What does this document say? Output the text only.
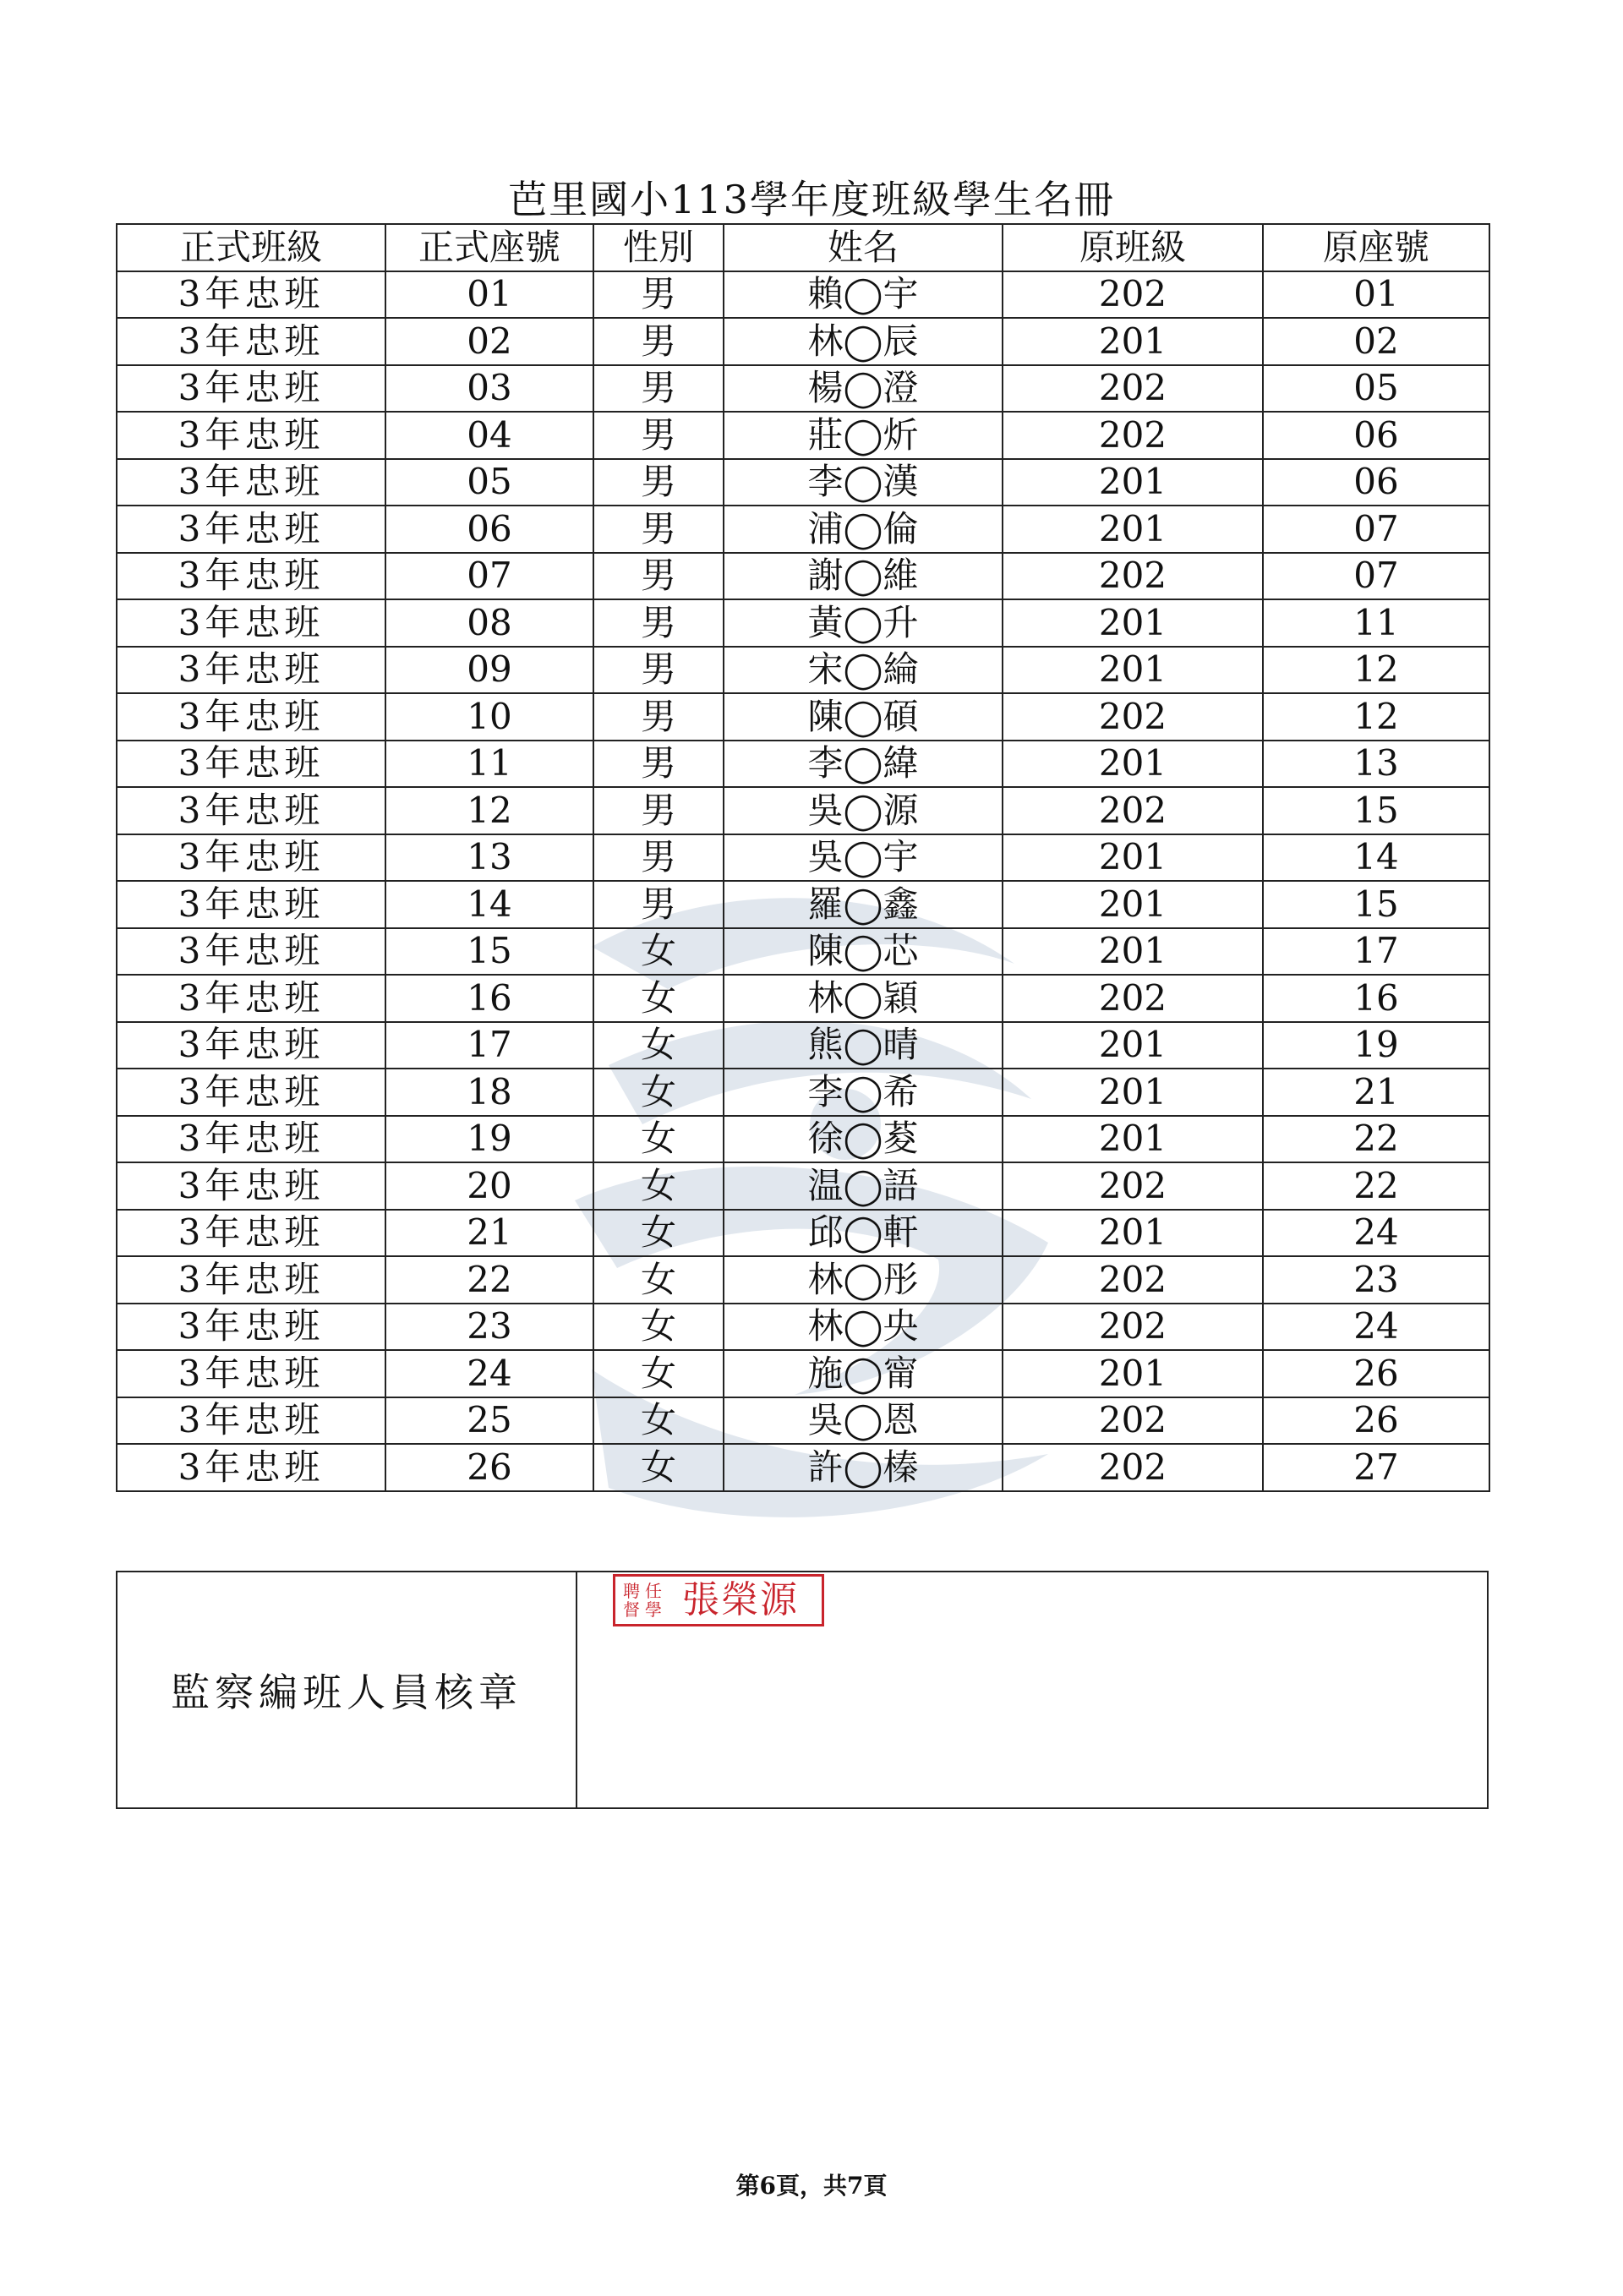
芭里國小113學年度班級學生名冊
正式班級	正式座號	性別	姓名	原班級	原座號
3年忠班	01	男	賴◯宇	202	01
3年忠班	02	男	林◯辰	201	02
3年忠班	03	男	楊◯澄	202	05
3年忠班	04	男	莊◯炘	202	06
3年忠班	05	男	李◯漢	201	06
3年忠班	06	男	浦◯倫	201	07
3年忠班	07	男	謝◯維	202	07
3年忠班	08	男	黃◯升	201	11
3年忠班	09	男	宋◯綸	201	12
3年忠班	10	男	陳◯碩	202	12
3年忠班	11	男	李◯緯	201	13
3年忠班	12	男	吳◯源	202	15
3年忠班	13	男	吳◯宇	201	14
3年忠班	14	男	羅◯鑫	201	15
3年忠班	15	女	陳◯芯	201	17
3年忠班	16	女	林◯穎	202	16
3年忠班	17	女	熊◯晴	201	19
3年忠班	18	女	李◯希	201	21
3年忠班	19	女	徐◯荾	201	22
3年忠班	20	女	温◯語	202	22
3年忠班	21	女	邱◯軒	201	24
3年忠班	22	女	林◯彤	202	23
3年忠班	23	女	林◯央	202	24
3年忠班	24	女	施◯甯	201	26
3年忠班	25	女	吳◯恩	202	26
3年忠班	26	女	許◯榛	202	27
監察編班人員核章
聘 任
督 學 張榮源
第6頁，共7頁
